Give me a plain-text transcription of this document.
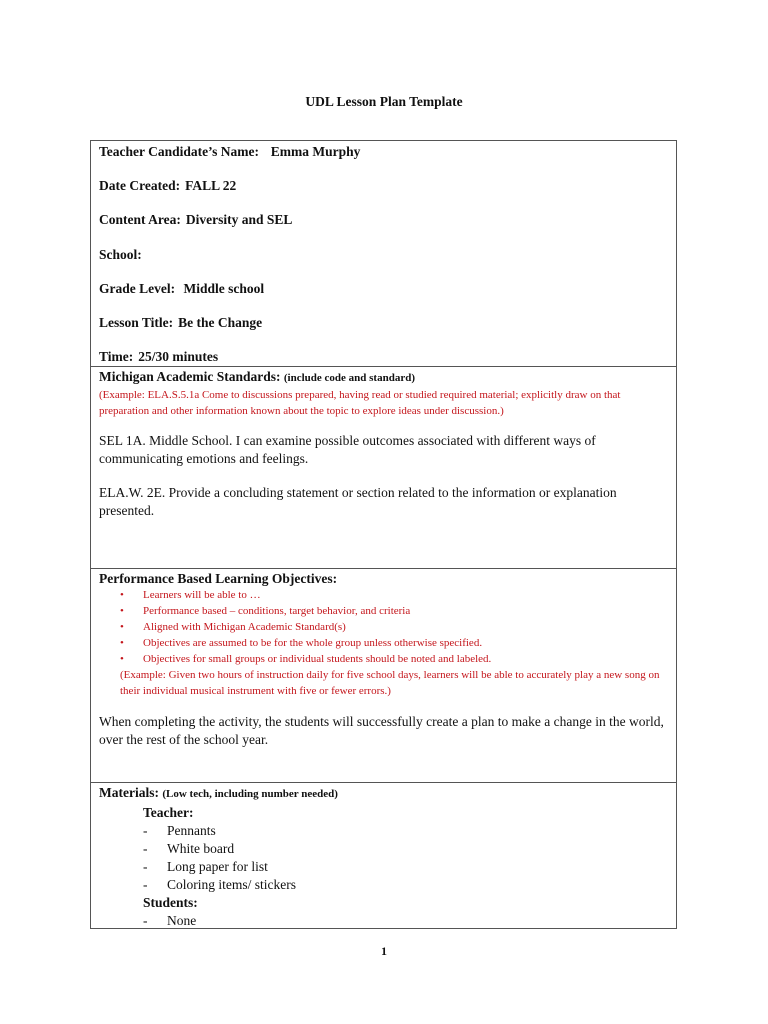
UDL Lesson Plan Template
Teacher Candidate’s Name:  Emma Murphy
Date Created: FALL 22
Content Area: Diversity and SEL
School:
Grade Level: Middle school
Lesson Title: Be the Change
Time: 25/30 minutes
Michigan Academic Standards: (include code and standard)
(Example: ELA.S.5.1a Come to discussions prepared, having read or studied required material; explicitly draw on that preparation and other information known about the topic to explore ideas under discussion.)
SEL 1A. Middle School. I can examine possible outcomes associated with different ways of communicating emotions and feelings.
ELA.W. 2E. Provide a concluding statement or section related to the information or explanation presented.
Performance Based Learning Objectives:
• Learners will be able to …
• Performance based – conditions, target behavior, and criteria
• Aligned with Michigan Academic Standard(s)
• Objectives are assumed to be for the whole group unless otherwise specified.
• Objectives for small groups or individual students should be noted and labeled.
(Example: Given two hours of instruction daily for five school days, learners will be able to accurately play a new song on their individual musical instrument with five or fewer errors.)
When completing the activity, the students will successfully create a plan to make a change in the world, over the rest of the school year.
Materials: (Low tech, including number needed)
Teacher:
- Pennants
- White board
- Long paper for list
- Coloring items/ stickers
Students:
- None
1
